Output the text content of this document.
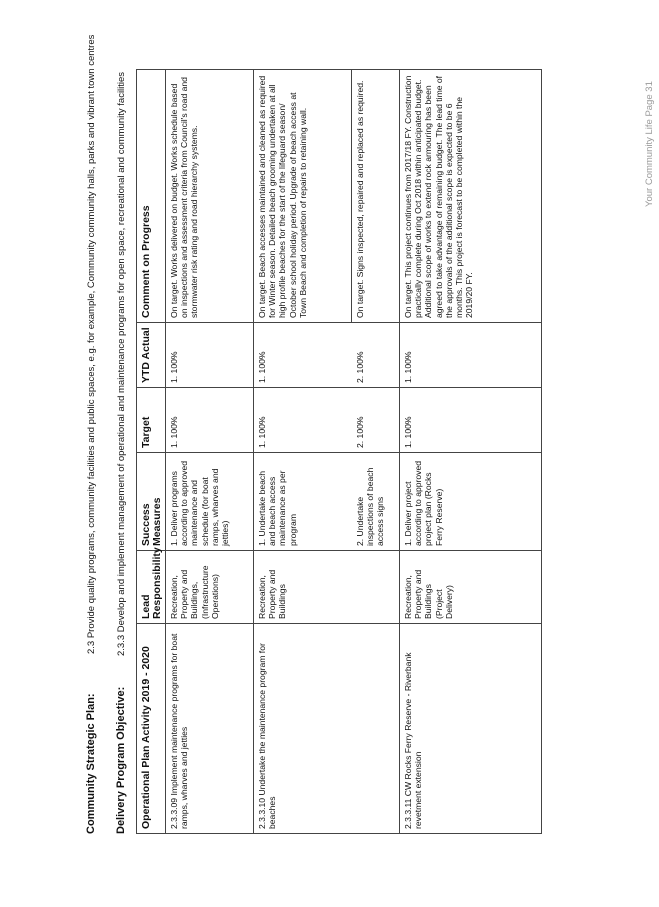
Community Strategic Plan:2.3 Provide quality programs, community facilities and public spaces, e.g. for example, Community community halls, parks and vibrant town centres
Delivery Program Objective:2.3.3 Develop and implement management of operational and maintenance programs for open space, recreational and community facilities
Operational Plan Activity 2019 - 2020	Lead Responsibility	Success Measures	Target	YTD Actual	Comment on Progress
2.3.3.09 Implement maintenance programs for boat ramps, wharves and jetties	Recreation, Property and Buildings, (Infrastructure Operations)	1. Deliver programs according to approved maintenance and schedule (for boat ramps, wharves and jetties)	1. 100%	1. 100%	On target. Works delivered on budget. Works schedule based on inspections and assessment criteria from Council's road and stormwater risk rating and road hierarchy systems.
2.3.3.10 Undertake the maintenance program for beaches	Recreation, Property and Buildings	1. Undertake beach and beach access maintenance as per program	1. 100%	1. 100%	On target. Beach accesses maintained and cleaned as required for Winter season. Detailed beach grooming undertaken at all high profile beaches for the start of the lifeguard season/ October school holiday period. Upgrade of beach access at Town Beach and completion of repairs to retaining wall.
		2. Undertake inspections of beach access signs	2. 100%	2. 100%	On target. Signs inspected, repaired and replaced as required.
2.3.3.11 CW Rocks Ferry Reserve - Riverbank revetment extension	Recreation, Property and Buildings (Project Delivery)	1. Deliver project according to approved project plan (Rocks Ferry Reserve)	1. 100%	1. 100%	On target. This project continues from 2017/18 FY. Construction practically complete during Oct 2018 within anticipated budget. Additional scope of works to extend rock armouring has been agreed to take advantage of remaining budget. The lead time of the approvals of the additional scope is expected to be 6 months. This project is forecast to be completed within the 2019/20 FY.
Your Community Life Page 31
